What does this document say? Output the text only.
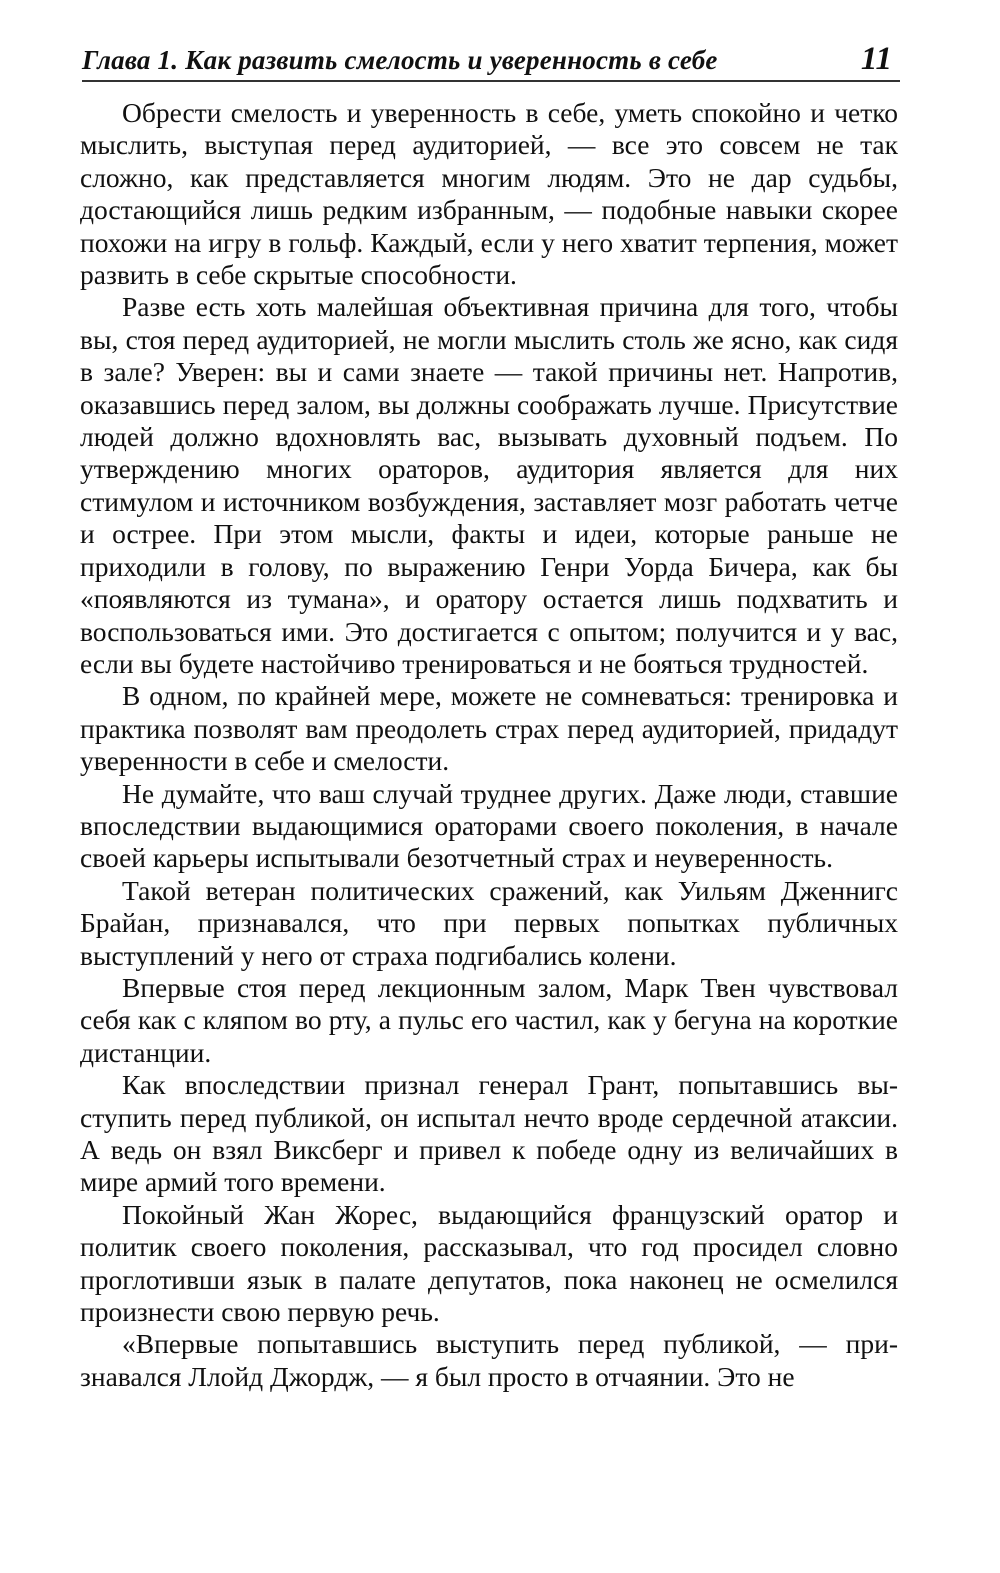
Глава 1. Как развить смелость и уверенность в себе	11

Обрести смелость и уверенность в себе, уметь спокойно и четко мыслить, выступая перед аудиторией, — все это совсем не так сложно, как представляется многим людям. Это не дар судьбы, достающийся лишь редким избранным, — подобные навыки скорее похожи на игру в гольф. Каждый, если у него хватит терпения, может развить в себе скрытые способности.

Разве есть хоть малейшая объективная причина для того, чтобы вы, стоя перед аудиторией, не могли мыслить столь же ясно, как сидя в зале? Уверен: вы и сами знаете — такой причины нет. Напротив, оказавшись перед залом, вы должны соображать лучше. Присутствие людей должно вдохновлять вас, вызывать духовный подъем. По утверждению многих ораторов, аудитория является для них стимулом и источником возбуждения, заставляет мозг работать четче и острее. При этом мысли, факты и идеи, которые раньше не приходили в голову, по выражению Генри Уорда Бичера, как бы «появляются из тумана», и оратору остается лишь подхватить и воспользоваться ими. Это достигается с опытом; получится и у вас, если вы будете настойчиво тренироваться и не бояться трудностей.

В одном, по крайней мере, можете не сомневаться: тренировка и практика позволят вам преодолеть страх перед аудиторией, придадут уверенности в себе и смелости.

Не думайте, что ваш случай труднее других. Даже люди, ставшие впоследствии выдающимися ораторами своего поколения, в начале своей карьеры испытывали безотчетный страх и неуверенность.

Такой ветеран политических сражений, как Уильям Дженнигс Брайан, признавался, что при первых попытках публичных выступлений у него от страха подгибались колени.

Впервые стоя перед лекционным залом, Марк Твен чувствовал себя как с кляпом во рту, а пульс его частил, как у бегуна на короткие дистанции.

Как впоследствии признал генерал Грант, попытавшись выступить перед публикой, он испытал нечто вроде сердечной атаксии. А ведь он взял Виксберг и привел к победе одну из величайших в мире армий того времени.

Покойный Жан Жорес, выдающийся французский оратор и политик своего поколения, рассказывал, что год просидел словно проглотивши язык в палате депутатов, пока наконец не осмелился произнести свою первую речь.

«Впервые попытавшись выступить перед публикой, — признавался Ллойд Джордж, — я был просто в отчаянии. Это не
